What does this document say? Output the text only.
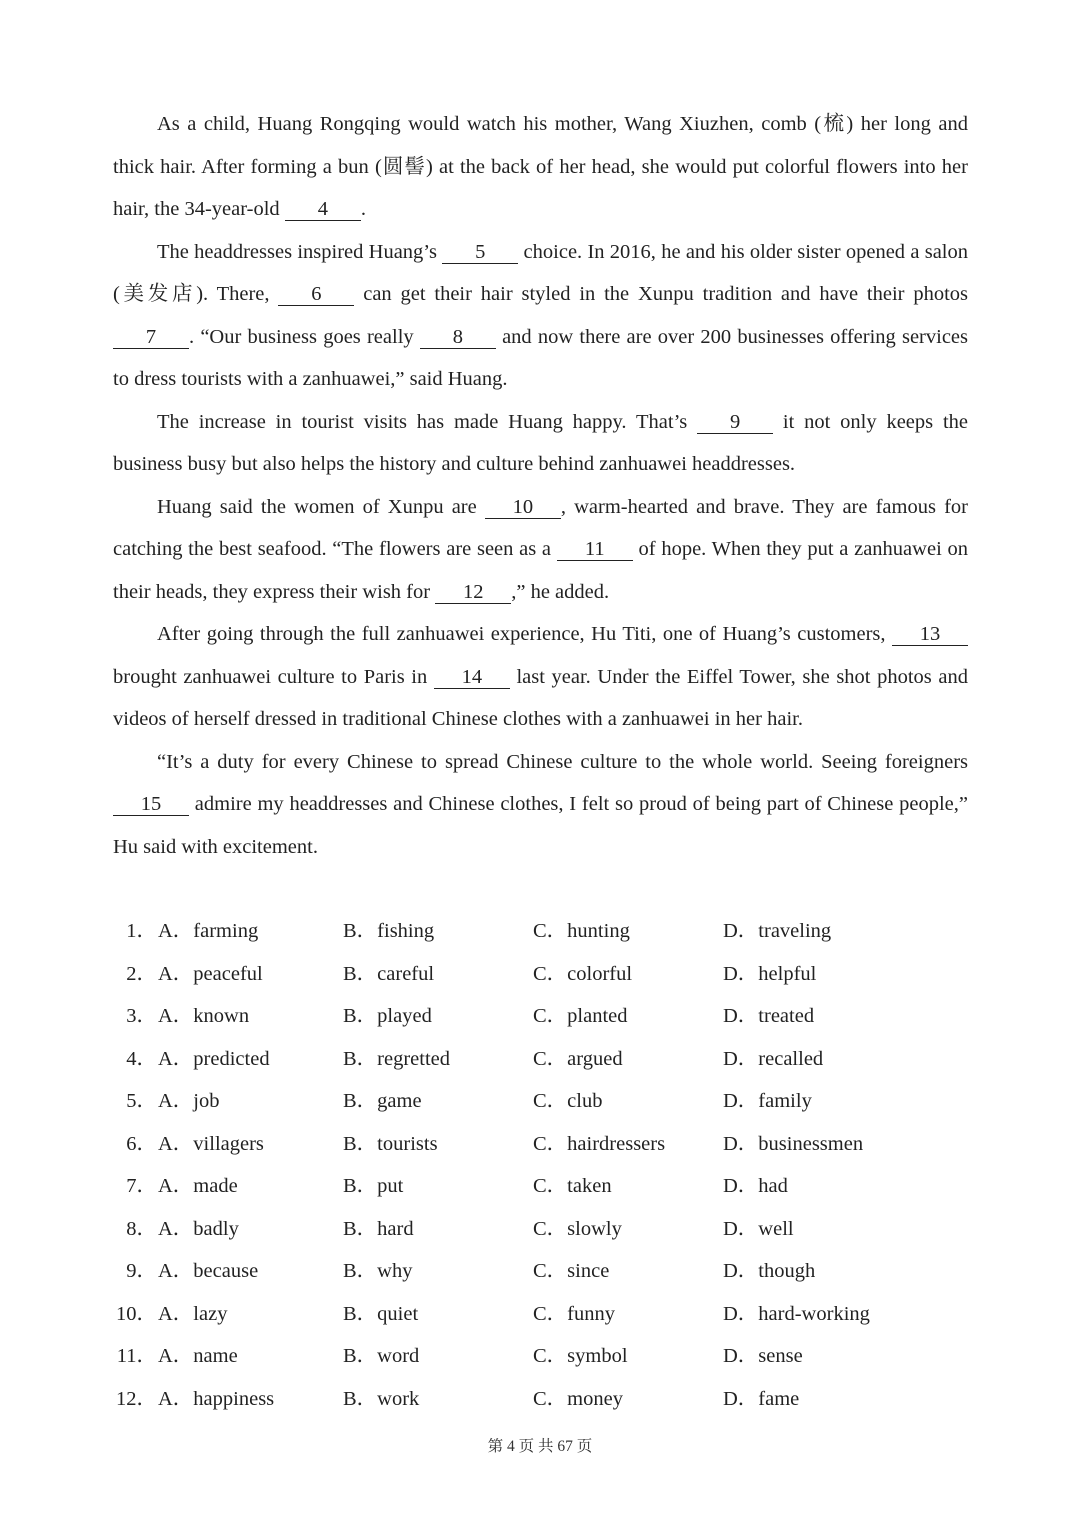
As a child, Huang Rongqing would watch his mother, Wang Xiuzhen, comb (梳) her long and thick hair. After forming a bun (圆髻) at the back of her head, she would put colorful flowers into her hair, the 34-year-old 4 .

The headdresses inspired Huang’s 5 choice. In 2016, he and his older sister opened a salon (美发店). There, 6 can get their hair styled in the Xunpu tradition and have their photos 7 . “Our business goes really 8 and now there are over 200 businesses offering services to dress tourists with a zanhuawei,” said Huang.

The increase in tourist visits has made Huang happy. That’s 9 it not only keeps the business busy but also helps the history and culture behind zanhuawei headdresses.

Huang said the women of Xunpu are 10 , warm-hearted and brave. They are famous for catching the best seafood. “The flowers are seen as a 11 of hope. When they put a zanhuawei on their heads, they express their wish for 12 ,” he added.

After going through the full zanhuawei experience, Hu Titi, one of Huang’s customers, 13 brought zanhuawei culture to Paris in 14 last year. Under the Eiffel Tower, she shot photos and videos of herself dressed in traditional Chinese clothes with a zanhuawei in her hair.

“It’s a duty for every Chinese to spread Chinese culture to the whole world. Seeing foreigners 15 admire my headdresses and Chinese clothes, I felt so proud of being part of Chinese people,” Hu said with excitement.

1． A．farming	B．fishing	C．hunting	D．traveling
2． A．peaceful	B．careful	C．colorful	D．helpful
3． A．known	B．played	C．planted	D．treated
4． A．predicted	B．regretted	C．argued	D．recalled
5． A．job	B．game	C．club	D．family
6． A．villagers	B．tourists	C．hairdressers	D．businessmen
7． A．made	B．put	C．taken	D．had
8． A．badly	B．hard	C．slowly	D．well
9． A．because	B．why	C．since	D．though
10． A．lazy	B．quiet	C．funny	D．hard-working
11． A．name	B．word	C．symbol	D．sense
12． A．happiness	B．work	C．money	D．fame
第 4 页 共 67 页
